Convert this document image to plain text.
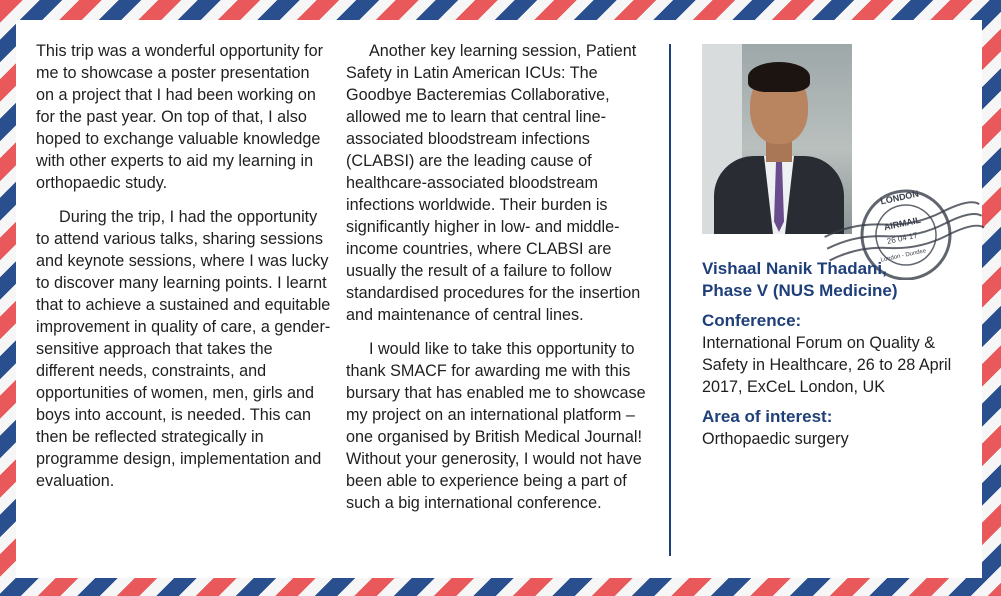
This trip was a wonderful opportunity for me to showcase a poster presentation on a project that I had been working on for the past year. On top of that, I also hoped to exchange valuable knowledge with other experts to aid my learning in orthopaedic study.

During the trip, I had the opportunity to attend various talks, sharing sessions and keynote sessions, where I was lucky to discover many learning points. I learnt that to achieve a sustained and equitable improvement in quality of care, a gender-sensitive approach that takes the different needs, constraints, and opportunities of women, men, girls and boys into account, is needed. This can then be reflected strategically in programme design, implementation and evaluation.

Another key learning session, Patient Safety in Latin American ICUs: The Goodbye Bacteremias Collaborative, allowed me to learn that central line-associated bloodstream infections (CLABSI) are the leading cause of healthcare-associated bloodstream infections worldwide. Their burden is significantly higher in low- and middle-income countries, where CLABSI are usually the result of a failure to follow standardised procedures for the insertion and maintenance of central lines.

I would like to take this opportunity to thank SMACF for awarding me with this bursary that has enabled me to showcase my project on an international platform – one organised by British Medical Journal! Without your generosity, I would not have been able to experience being a part of such a big international conference.

LONDON
AIRMAIL
26 04 17
London - Dundee
Vishaal Nanik Thadani,
Phase V (NUS Medicine)
Conference:
International Forum on Quality & Safety in Healthcare, 26 to 28 April 2017, ExCeL London, UK
Area of interest:
Orthopaedic surgery
